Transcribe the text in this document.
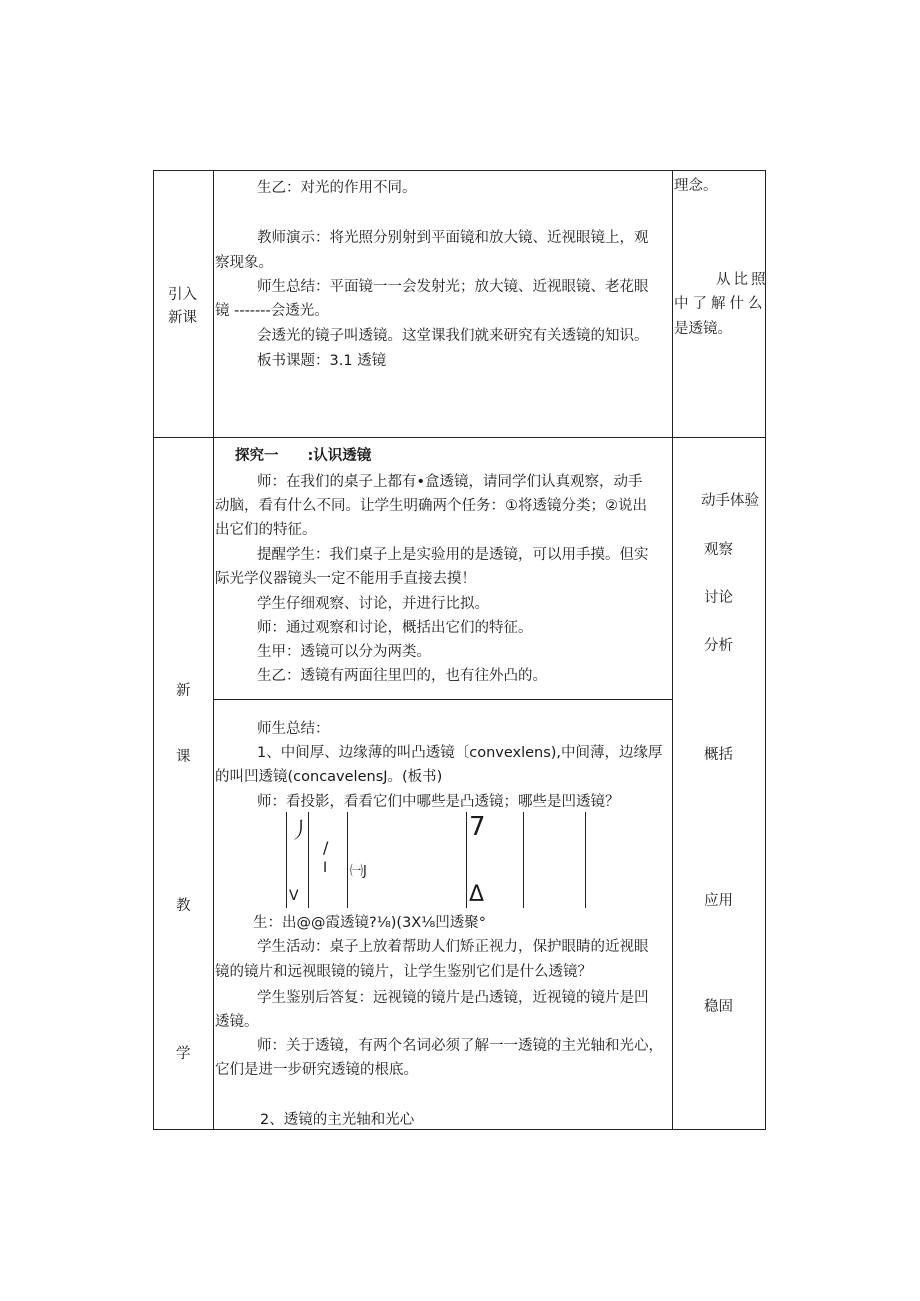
引入
新课
生乙：对光的作用不同。
教师演示：将光照分别射到平面镜和放大镜、近视眼镜上，观
察现象。
师生总结：平面镜一一会发射光；放大镜、近视眼镜、老花眼
镜 -------会透光。
会透光的镜子叫透镜。这堂课我们就来研究有关透镜的知识。
板书课题：3.1 透镜
理念。
从比照
中了解什么
是透镜。
新
课
教
学
探究一　　:认识透镜
师：在我们的桌子上都有•盒透镜，请同学们认真观察，动手
动脑，看有什么不同。让学生明确两个任务：①将透镜分类；②说出
出它们的特征。
提醒学生：我们桌子上是实验用的是透镜，可以用手摸。但实
际光学仪器镜头一定不能用手直接去摸！
学生仔细观察、讨论，并进行比拟。
师：通过观察和讨论，概括出它们的特征。
生甲：透镜可以分为两类。
生乙：透镜有两面往里凹的，也有往外凸的。
师生总结：
1、中间厚、边缘薄的叫凸透镜〔convexlens),中间薄，边缘厚
的叫凹透镜(concavelensJ。(板书)
师：看投影，看看它们中哪些是凸透镜；哪些是凹透镜？
丿
/
I ㈠J
7
V	Δ
生：出@@霞透镜?⅛)(3X⅛凹透聚°
学生活动：桌子上放着帮助人们矫正视力，保护眼睛的近视眼
镜的镜片和远视眼镜的镜片，让学生鉴别它们是什么透镜？
学生鉴别后答复：远视镜的镜片是凸透镜，近视镜的镜片是凹
透镜。
师：关于透镜，有两个名词必须了解一一透镜的主光轴和光心，
它们是进一步研究透镜的根底。
2、透镜的主光轴和光心
动手体验
观察
讨论
分析
概括
应用
稳固
